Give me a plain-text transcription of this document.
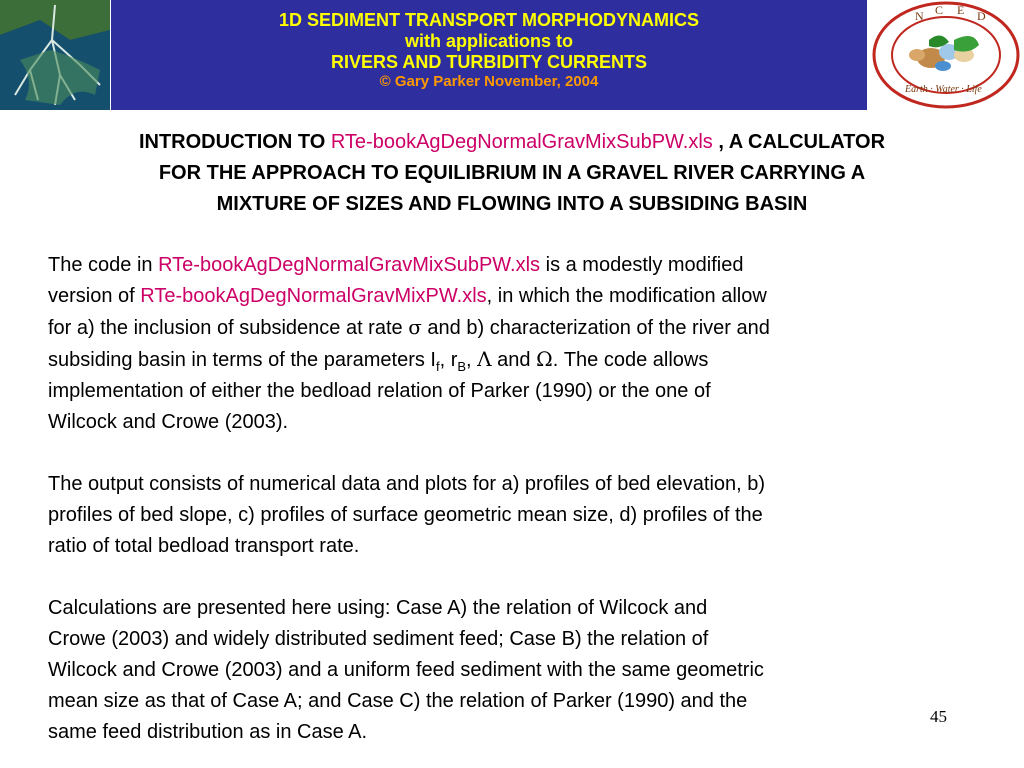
1D SEDIMENT TRANSPORT MORPHODYNAMICS
with applications to
RIVERS AND TURBIDITY CURRENTS
© Gary Parker November, 2004
N C E D
Earth · Water · Life
INTRODUCTION TO RTe-bookAgDegNormalGravMixSubPW.xls , A CALCULATOR
FOR THE APPROACH TO EQUILIBRIUM IN A GRAVEL RIVER CARRYING A
MIXTURE OF SIZES AND FLOWING INTO A SUBSIDING BASIN

The code in RTe-bookAgDegNormalGravMixSubPW.xls is a modestly modified
version of RTe-bookAgDegNormalGravMixPW.xls, in which the modification allow
for a) the inclusion of subsidence at rate σ and b) characterization of the river and
subsiding basin in terms of the parameters $I_f$, $r_B$, Λ and Ω. The code allows
implementation of either the bedload relation of Parker (1990) or the one of
Wilcock and Crowe (2003).

The output consists of numerical data and plots for a) profiles of bed elevation, b)
profiles of bed slope, c) profiles of surface geometric mean size, d) profiles of the
ratio of total bedload transport rate.

Calculations are presented here using: Case A) the relation of Wilcock and
Crowe (2003) and widely distributed sediment feed; Case B) the relation of
Wilcock and Crowe (2003) and a uniform feed sediment with the same geometric
mean size as that of Case A; and Case C) the relation of Parker (1990) and the
same feed distribution as in Case A.

45
